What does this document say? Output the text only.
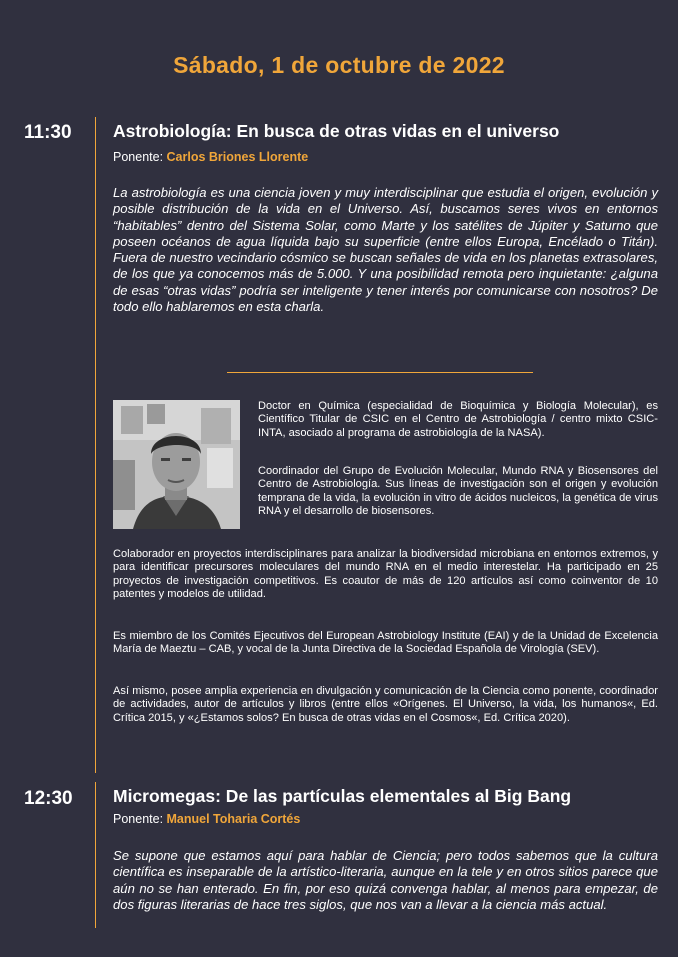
Sábado, 1 de octubre de 2022
11:30 Astrobiología: En busca de otras vidas en el universo
Ponente: Carlos Briones Llorente

La astrobiología es una ciencia joven y muy interdisciplinar que estudia el origen, evolución y posible distribución de la vida en el Universo. Así, buscamos seres vivos en entornos “habitables” dentro del Sistema Solar, como Marte y los satélites de Júpiter y Saturno que poseen océanos de agua líquida bajo su superficie (entre ellos Europa, Encélado o Titán). Fuera de nuestro vecindario cósmico se buscan señales de vida en los planetas extrasolares, de los que ya conocemos más de 5.000. Y una posibilidad remota pero inquietante: ¿alguna de esas “otras vidas” podría ser inteligente y tener interés por comunicarse con nosotros? De todo ello hablaremos en esta charla.

Doctor en Química (especialidad de Bioquímica y Biología Molecular), es Científico Titular de CSIC en el Centro de Astrobiología / centro mixto CSIC-INTA, asociado al programa de astrobiología de la NASA).
Coordinador del Grupo de Evolución Molecular, Mundo RNA y Biosensores del Centro de Astrobiología. Sus líneas de investigación son el origen y evolución temprana de la vida, la evolución in vitro de ácidos nucleicos, la genética de virus RNA y el desarrollo de biosensores.
Colaborador en proyectos interdisciplinares para analizar la biodiversidad microbiana en entornos extremos, y para identificar precursores moleculares del mundo RNA en el medio interestelar. Ha participado en 25 proyectos de investigación competitivos. Es coautor de más de 120 artículos así como coinventor de 10 patentes y modelos de utilidad.
Es miembro de los Comités Ejecutivos del European Astrobiology Institute (EAI) y de la Unidad de Excelencia María de Maeztu – CAB, y vocal de la Junta Directiva de la Sociedad Española de Virología (SEV).
Así mismo, posee amplia experiencia en divulgación y comunicación de la Ciencia como ponente, coordinador de actividades, autor de artículos y libros (entre ellos «Orígenes. El Universo, la vida, los humanos«, Ed. Crítica 2015, y «¿Estamos solos? En busca de otras vidas en el Cosmos«, Ed. Crítica 2020).
12:30 Micromegas: De las partículas elementales al Big Bang
Ponente: Manuel Toharia Cortés

Se supone que estamos aquí para hablar de Ciencia; pero todos sabemos que la cultura científica es inseparable de la artístico-literaria, aunque en la tele y en otros sitios parece que aún no se han enterado. En fin, por eso quizá convenga hablar, al menos para empezar, de dos figuras literarias de hace tres siglos, que nos van a llevar a la ciencia más actual.
